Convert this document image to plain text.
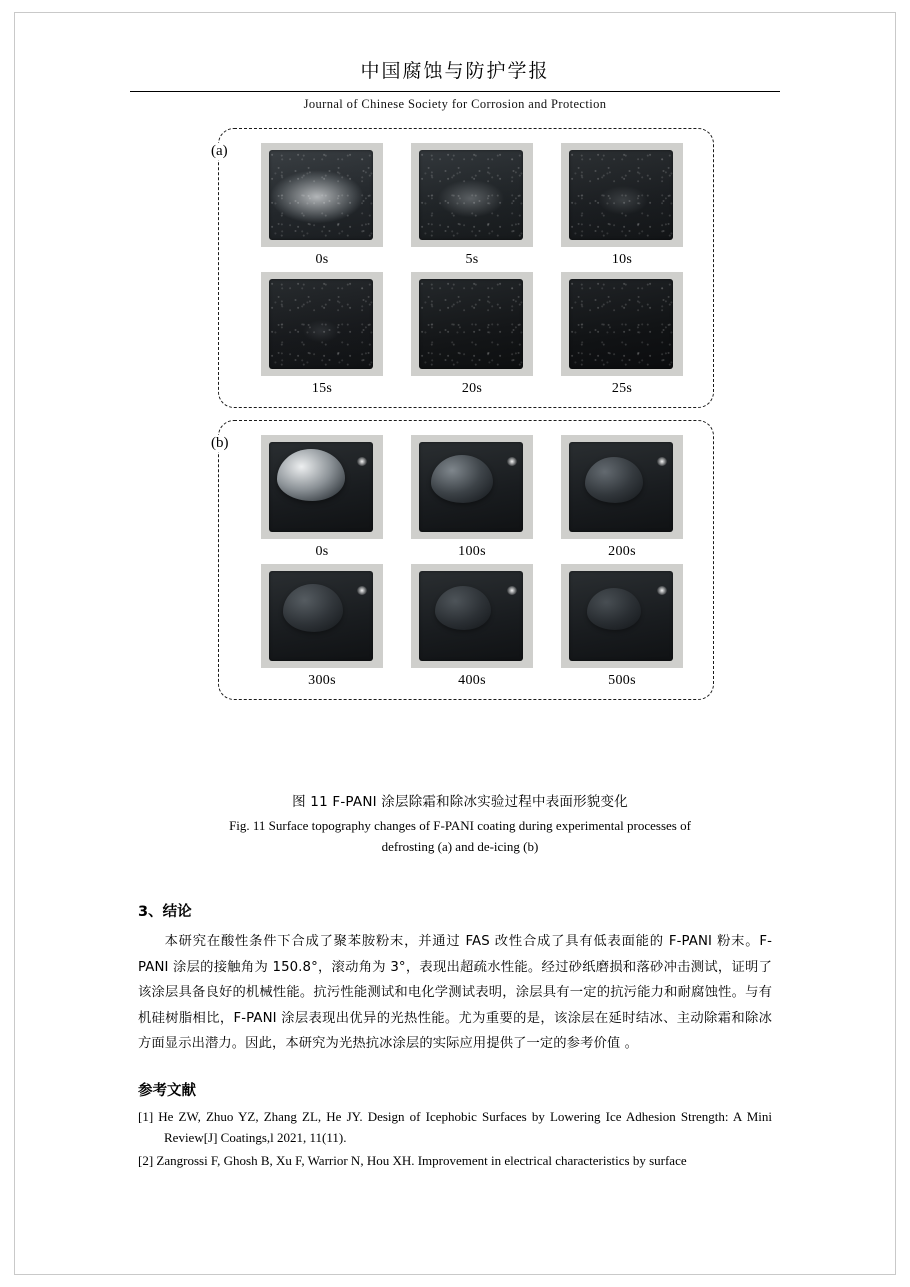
中国腐蚀与防护学报
Journal of Chinese Society for Corrosion and Protection
(a)
0s	5s	10s
15s	20s	25s
(b)
0s	100s	200s
300s	400s	500s
图 11 F-PANI 涂层除霜和除冰实验过程中表面形貌变化
Fig. 11 Surface topography changes of F-PANI coating during experimental processes of
defrosting (a) and de-icing (b)
3、结论
本研究在酸性条件下合成了聚苯胺粉末，并通过 FAS 改性合成了具有低表面能的 F-PANI 粉末。F-PANI 涂层的接触角为 150.8°，滚动角为 3°，表现出超疏水性能。经过砂纸磨损和落砂冲击测试，证明了该涂层具备良好的机械性能。抗污性能测试和电化学测试表明，涂层具有一定的抗污能力和耐腐蚀性。与有机硅树脂相比，F-PANI 涂层表现出优异的光热性能。尤为重要的是，该涂层在延时结冰、主动除霜和除冰方面显示出潜力。因此，本研究为光热抗冰涂层的实际应用提供了一定的参考价值 。
参考文献
[1] He ZW, Zhuo YZ, Zhang ZL, He JY. Design of Icephobic Surfaces by Lowering Ice Adhesion Strength: A Mini Review[J] Coatings,l 2021, 11(11).
[2] Zangrossi F, Ghosh B, Xu F, Warrior N, Hou XH. Improvement in electrical characteristics by surface
